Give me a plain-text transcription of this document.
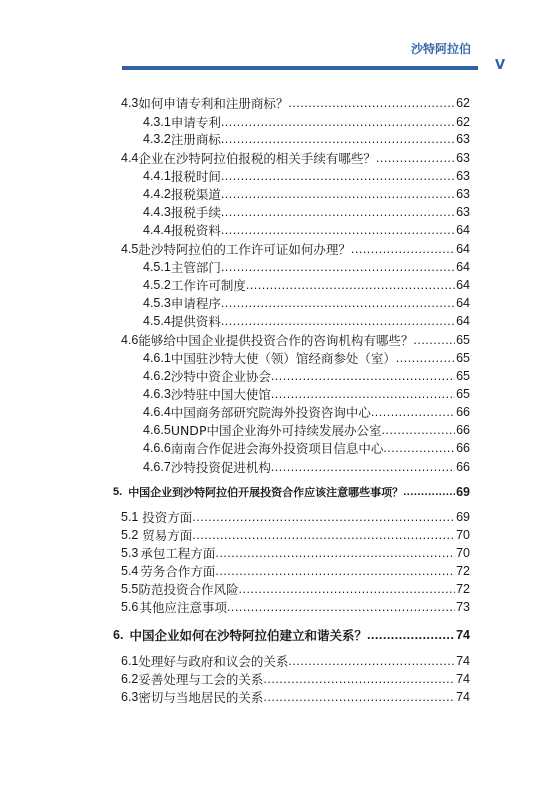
沙特阿拉伯
V
4.3 如何申请专利和注册商标？ .....	62
4.3.1 申请专利 .....	62
4.3.2 注册商标 .....	63
4.4 企业在沙特阿拉伯报税的相关手续有哪些？ .....	63
4.4.1 报税时间 .....	63
4.4.2 报税渠道 .....	63
4.4.3 报税手续 .....	63
4.4.4 报税资料 .....	64
4.5 赴沙特阿拉伯的工作许可证如何办理？ .....	64
4.5.1 主管部门 .....	64
4.5.2 工作许可制度 .....	64
4.5.3 申请程序 .....	64
4.5.4 提供资料 .....	64
4.6 能够给中国企业提供投资合作的咨询机构有哪些？ .....	65
4.6.1 中国驻沙特大使（领）馆经商参处（室） .....	65
4.6.2 沙特中资企业协会 .....	65
4.6.3 沙特驻中国大使馆 .....	65
4.6.4 中国商务部研究院海外投资咨询中心 .....	66
4.6.5 UNDP中国企业海外可持续发展办公室 .....	66
4.6.6 南南合作促进会海外投资项目信息中心 .....	66
4.6.7 沙特投资促进机构 .....	66
5. 中国企业到沙特阿拉伯开展投资合作应该注意哪些事项？ .....	69
5.1 投资方面 .....	69
5.2 贸易方面 .....	70
5.3 承包工程方面 .....	70
5.4 劳务合作方面 .....	72
5.5 防范投资合作风险 .....	72
5.6 其他应注意事项 .....	73
6. 中国企业如何在沙特阿拉伯建立和谐关系？ .....	74
6.1 处理好与政府和议会的关系 .....	74
6.2 妥善处理与工会的关系 .....	74
6.3 密切与当地居民的关系 .....	74
